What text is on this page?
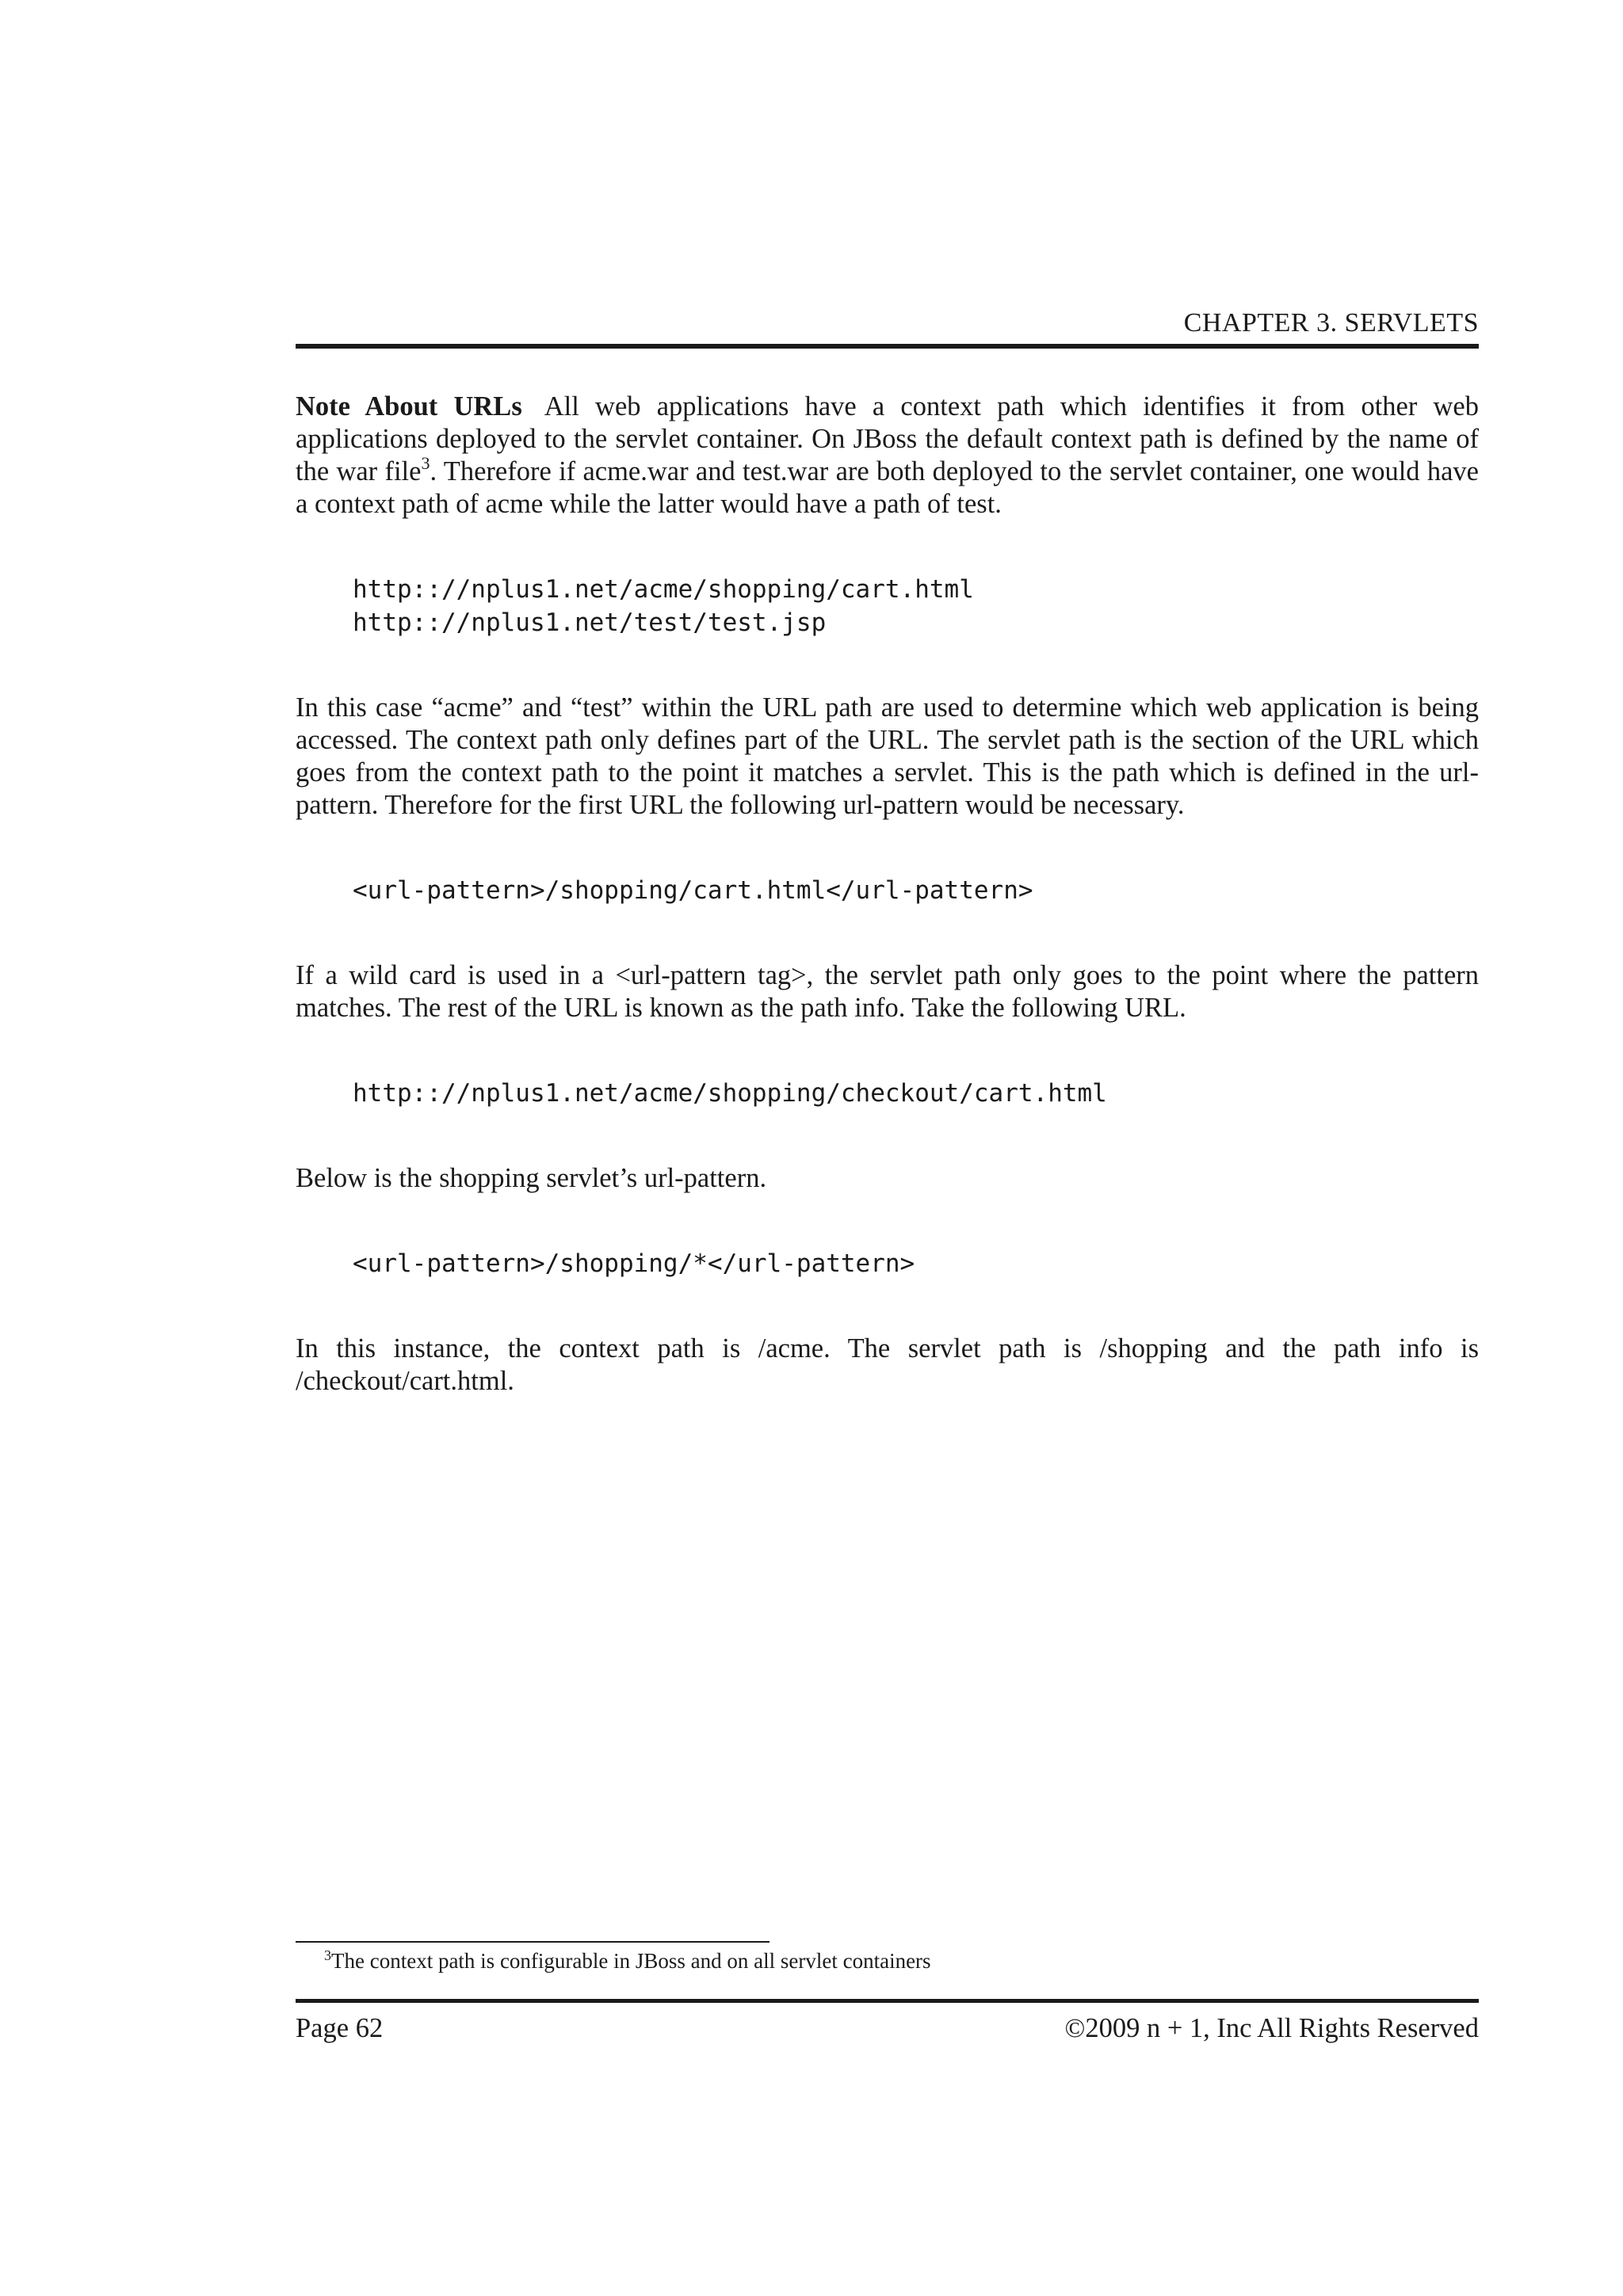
CHAPTER 3. SERVLETS

Note About URLs All web applications have a context path which identifies it from other web applications deployed to the servlet container. On JBoss the default context path is defined by the name of the war file$^3$. Therefore if acme.war and test.war are both deployed to the servlet container, one would have a context path of acme while the latter would have a path of test.

http:://nplus1.net/acme/shopping/cart.html
http:://nplus1.net/test/test.jsp

In this case “acme” and “test” within the URL path are used to determine which web application is being accessed. The context path only defines part of the URL. The servlet path is the section of the URL which goes from the context path to the point it matches a servlet. This is the path which is defined in the url-pattern. Therefore for the first URL the following url-pattern would be necessary.

<url-pattern>/shopping/cart.html</url-pattern>

If a wild card is used in a <url-pattern tag>, the servlet path only goes to the point where the pattern matches. The rest of the URL is known as the path info. Take the following URL.

http:://nplus1.net/acme/shopping/checkout/cart.html

Below is the shopping servlet’s url-pattern.

<url-pattern>/shopping/*</url-pattern>

In this instance, the context path is /acme. The servlet path is /shopping and the path info is /checkout/cart.html.

$^3$The context path is configurable in JBoss and on all servlet containers
Page 62	©2009 n + 1, Inc All Rights Reserved
